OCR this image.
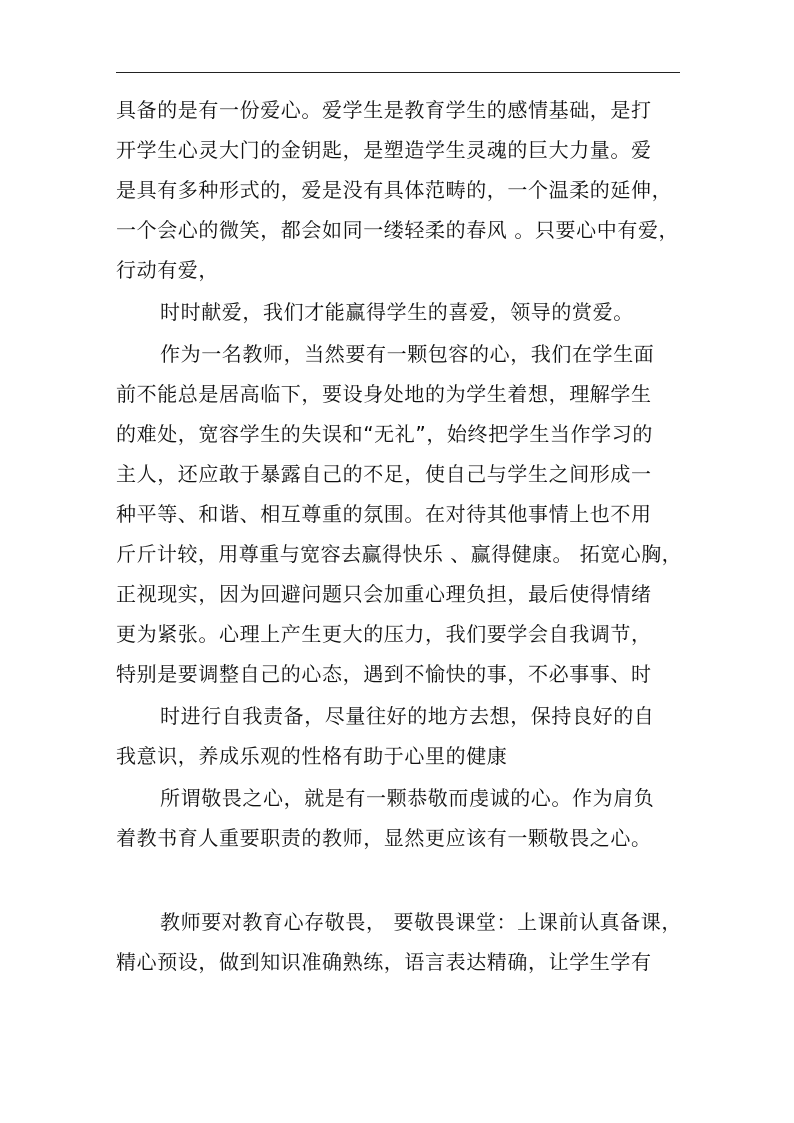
具备的是有一份爱心。爱学生是教育学生的感情基础，是打
开学生心灵大门的金钥匙，是塑造学生灵魂的巨大力量。爱
是具有多种形式的，爱是没有具体范畴的，一个温柔的延伸，
一个会心的微笑，都会如同一缕轻柔的春风 。只要心中有爱，
行动有爱，
时时献爱，我们才能赢得学生的喜爱，领导的赏爱。
作为一名教师，当然要有一颗包容的心，我们在学生面
前不能总是居高临下，要设身处地的为学生着想，理解学生
的难处，宽容学生的失误和“无礼”，始终把学生当作学习的
主人，还应敢于暴露自己的不足，使自己与学生之间形成一
种平等、和谐、相互尊重的氛围。在对待其他事情上也不用
斤斤计较，用尊重与宽容去赢得快乐 、赢得健康。 拓宽心胸，
正视现实，因为回避问题只会加重心理负担，最后使得情绪
更为紧张。心理上产生更大的压力，我们要学会自我调节，
特别是要调整自己的心态，遇到不愉快的事，不必事事、时
时进行自我责备，尽量往好的地方去想，保持良好的自
我意识，养成乐观的性格有助于心里的健康
所谓敬畏之心，就是有一颗恭敬而虔诚的心。作为肩负
着教书育人重要职责的教师，显然更应该有一颗敬畏之心。
教师要对教育心存敬畏， 要敬畏课堂：上课前认真备课，
精心预设，做到知识准确熟练，语言表达精确，让学生学有
